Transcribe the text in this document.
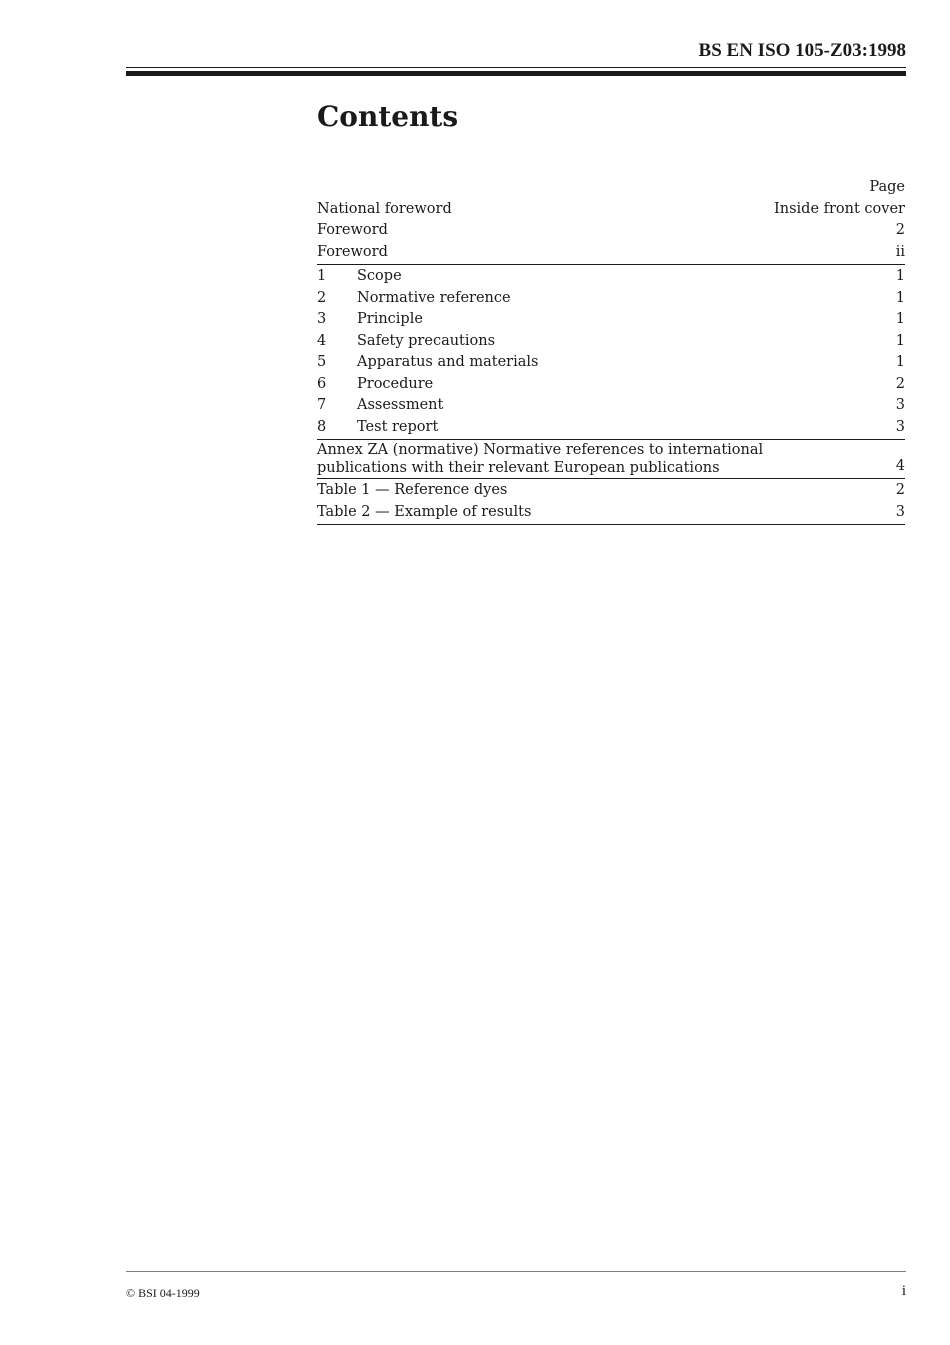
BS EN ISO 105-Z03:1998
Contents
Page
National foreword	Inside front cover
Foreword	2
Foreword	ii
1 Scope	1
2 Normative reference	1
3 Principle	1
4 Safety precautions	1
5 Apparatus and materials	1
6 Procedure	2
7 Assessment	3
8 Test report	3
Annex ZA (normative) Normative references to international
publications with their relevant European publications	4
Table 1 — Reference dyes	2
Table 2 — Example of results	3
© BSI 04-1999	i
